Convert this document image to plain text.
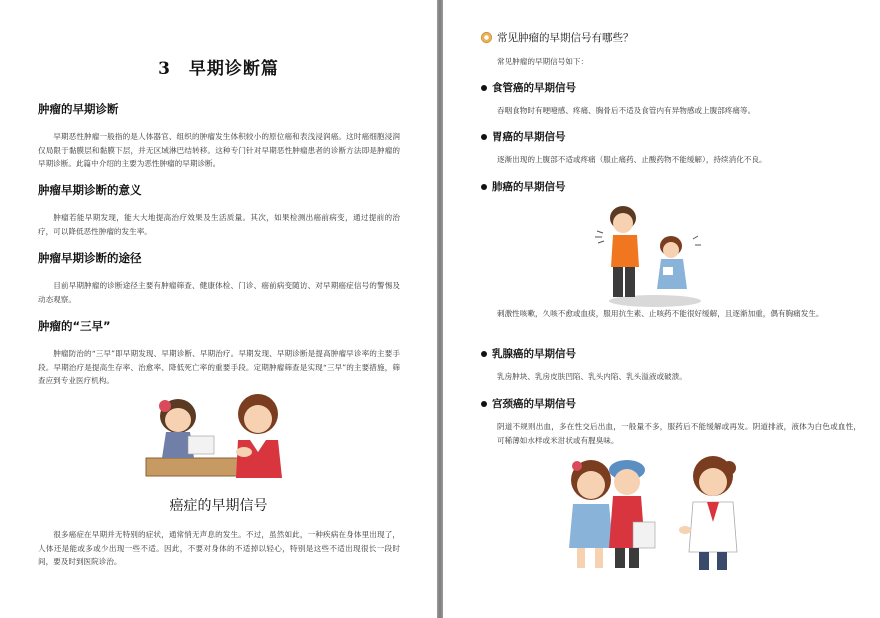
3　早期诊断篇

肿瘤的早期诊断

早期恶性肿瘤一般指的是人体器官、组织的肿瘤发生体积较小的原位癌和表浅浸润癌。这时癌细胞浸润仅局限于黏膜层和黏膜下层，并无区域淋巴结转移。这种专门针对早期恶性肿瘤患者的诊断方法即是肿瘤的早期诊断。此篇中介绍的主要为恶性肿瘤的早期诊断。

肿瘤早期诊断的意义

肿瘤若能早期发现，能大大地提高治疗效果及生活质量。其次，如果检测出癌前病变，通过提前的治疗，可以降低恶性肿瘤的发生率。

肿瘤早期诊断的途径

目前早期肿瘤的诊断途径主要有肿瘤筛查、健康体检、门诊、癌前病变随访、对早期癌症信号的警惕及动态观察。

肿瘤的“三早”

肿瘤防治的“三早”即早期发现、早期诊断、早期治疗。早期发现、早期诊断是提高肿瘤早诊率的主要手段。早期治疗是提高生存率、治愈率、降低死亡率的重要手段。定期肿瘤筛查是实现“三早”的主要措施，筛查应到专业医疗机构。

癌症的早期信号

很多癌症在早期并无特别的症状，通常悄无声息的发生。不过，虽然如此，一种疾病在身体里出现了，人体还是能或多或少出现一些不适。因此，不要对身体的不适掉以轻心，特别是这些不适出现很长一段时间，要及时到医院诊治。

常见肿瘤的早期信号有哪些？

常见肿瘤的早期信号如下：

食管癌的早期信号

吞咽食物时有哽噎感、疼痛、胸骨后不适及食管内有异物感或上腹部疼痛等。

胃癌的早期信号

逐渐出现的上腹部不适或疼痛（服止痛药、止酸药物不能缓解），持续消化不良。

肺癌的早期信号

刺激性咳嗽，久咳不愈或血痰，服用抗生素、止咳药不能很好缓解，且逐渐加重，偶有胸痛发生。

乳腺癌的早期信号

乳房肿块、乳房皮肤凹陷、乳头内陷、乳头溢液或破溃。

宫颈癌的早期信号

阴道不规则出血，多在性交后出血，一般量不多，服药后不能缓解或再发。阴道排液，液体为白色或血性，可稀薄如水样或米泔状或有腥臭味。
